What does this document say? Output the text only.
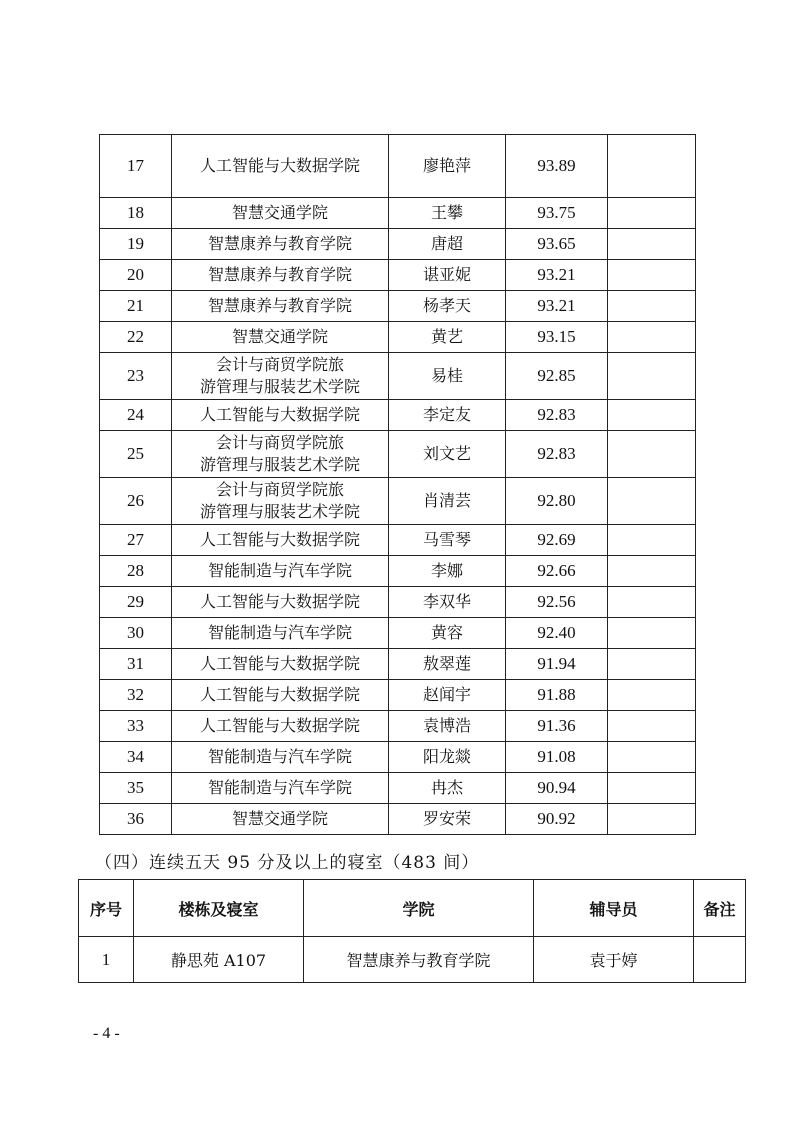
17	人工智能与大数据学院	廖艳萍	93.89	
18	智慧交通学院	王攀	93.75	
19	智慧康养与教育学院	唐超	93.65	
20	智慧康养与教育学院	谌亚妮	93.21	
21	智慧康养与教育学院	杨孝天	93.21	
22	智慧交通学院	黄艺	93.15	
23	会计与商贸学院旅
游管理与服装艺术学院	易桂	92.85	
24	人工智能与大数据学院	李定友	92.83	
25	会计与商贸学院旅
游管理与服装艺术学院	刘文艺	92.83	
26	会计与商贸学院旅
游管理与服装艺术学院	肖清芸	92.80	
27	人工智能与大数据学院	马雪琴	92.69	
28	智能制造与汽车学院	李娜	92.66	
29	人工智能与大数据学院	李双华	92.56	
30	智能制造与汽车学院	黄容	92.40	
31	人工智能与大数据学院	敖翠莲	91.94	
32	人工智能与大数据学院	赵闻宇	91.88	
33	人工智能与大数据学院	袁博浩	91.36	
34	智能制造与汽车学院	阳龙燚	91.08	
35	智能制造与汽车学院	冉杰	90.94	
36	智慧交通学院	罗安荣	90.92	
（四）连续五天 95 分及以上的寝室（483 间）
序号	楼栋及寝室	学院	辅导员	备注
1	静思苑 A107	智慧康养与教育学院	袁于婷	
- 4 -
